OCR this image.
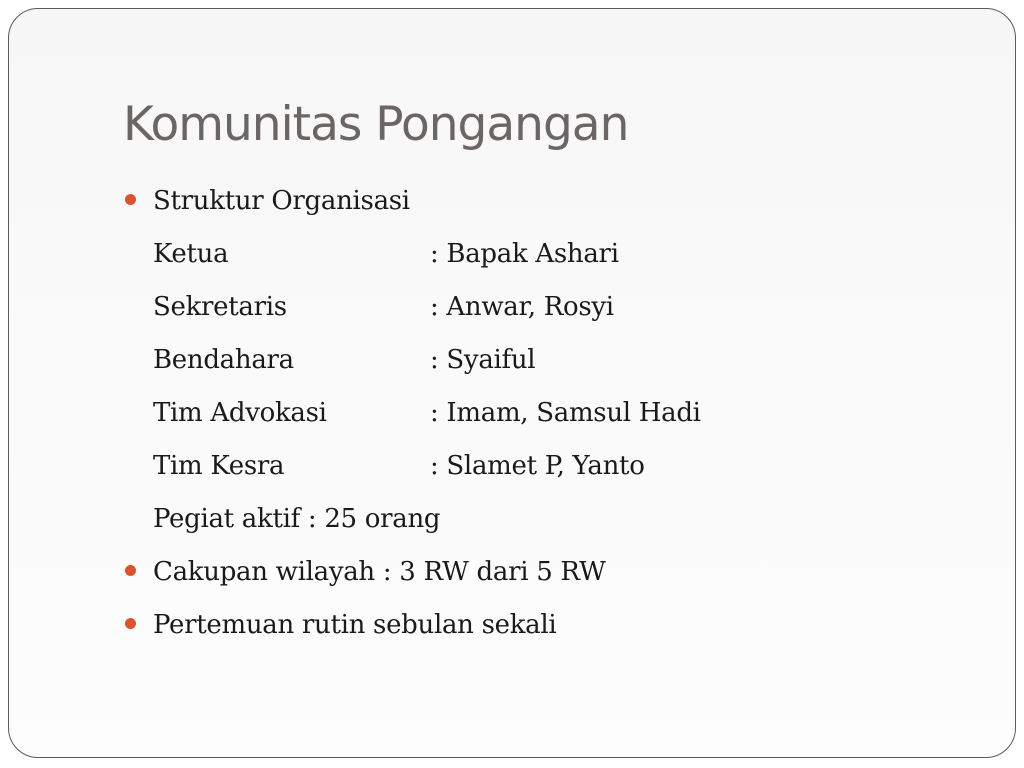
Komunitas Pongangan
Struktur Organisasi
Ketua	: Bapak Ashari
Sekretaris	: Anwar, Rosyi
Bendahara	: Syaiful
Tim Advokasi	: Imam, Samsul Hadi
Tim Kesra	: Slamet P, Yanto
Pegiat aktif : 25 orang
Cakupan wilayah : 3 RW dari 5 RW
Pertemuan rutin sebulan sekali
